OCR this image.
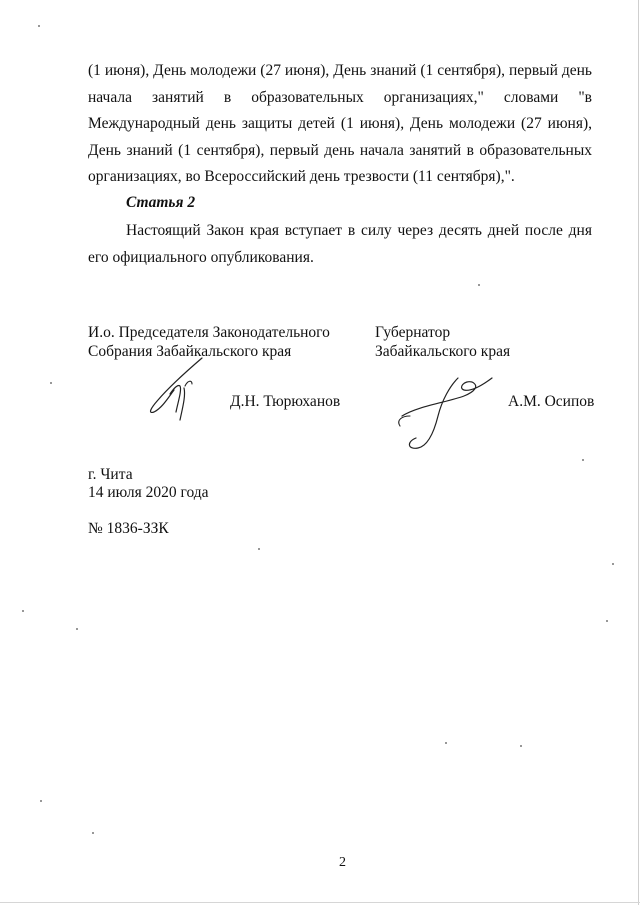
(1 июня), День молодежи (27 июня), День знаний (1 сентября), первый день начала занятий в образовательных организациях," словами "в Международный день защиты детей (1 июня), День молодежи (27 июня), День знаний (1 сентября), первый день начала занятий в образовательных организациях, во Всероссийский день трезвости (11 сентября),".
Статья 2
Настоящий Закон края вступает в силу через десять дней после дня его официального опубликования.
И.о. Председателя Законодательного
Собрания Забайкальского края
Губернатор
Забайкальского края
Д.Н. Тюрюханов	А.М. Осипов
г. Чита
14 июля 2020 года
№ 1836-ЗЗК
2
